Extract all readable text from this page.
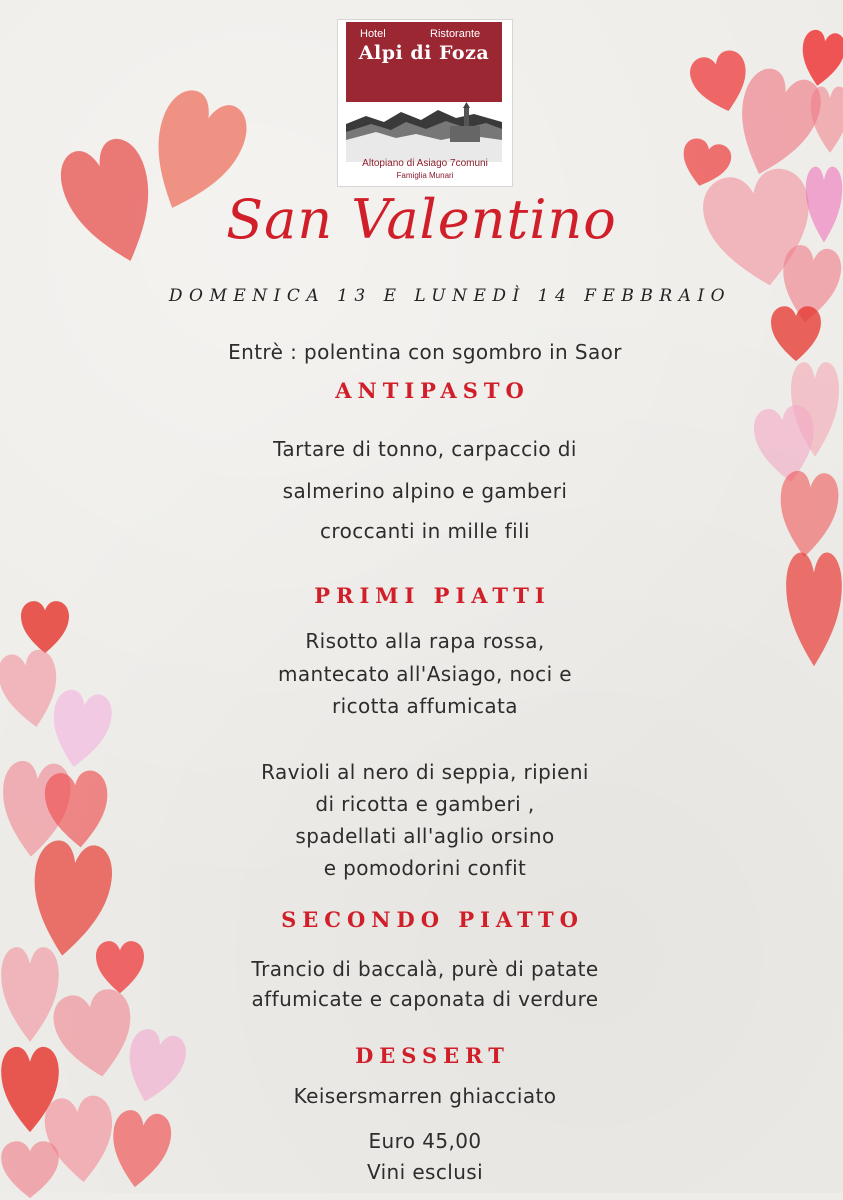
Hotel	Ristorante
Alpi di Foza
Altopiano di Asiago 7comuni
Famiglia Munari
San Valentino
DOMENICA 13 E LUNEDÌ 14 FEBBRAIO
Entrè : polentina con sgombro in Saor
ANTIPASTO
Tartare di tonno, carpaccio di
salmerino alpino e gamberi
croccanti in mille fili
PRIMI PIATTI
Risotto alla rapa rossa,
mantecato all'Asiago, noci e
ricotta affumicata
Ravioli al nero di seppia, ripieni
di ricotta e gamberi ,
spadellati all'aglio orsino
e pomodorini confit
SECONDO PIATTO
Trancio di baccalà, purè di patate
affumicate e caponata di verdure
DESSERT
Keisersmarren ghiacciato
Euro 45,00
Vini esclusi
